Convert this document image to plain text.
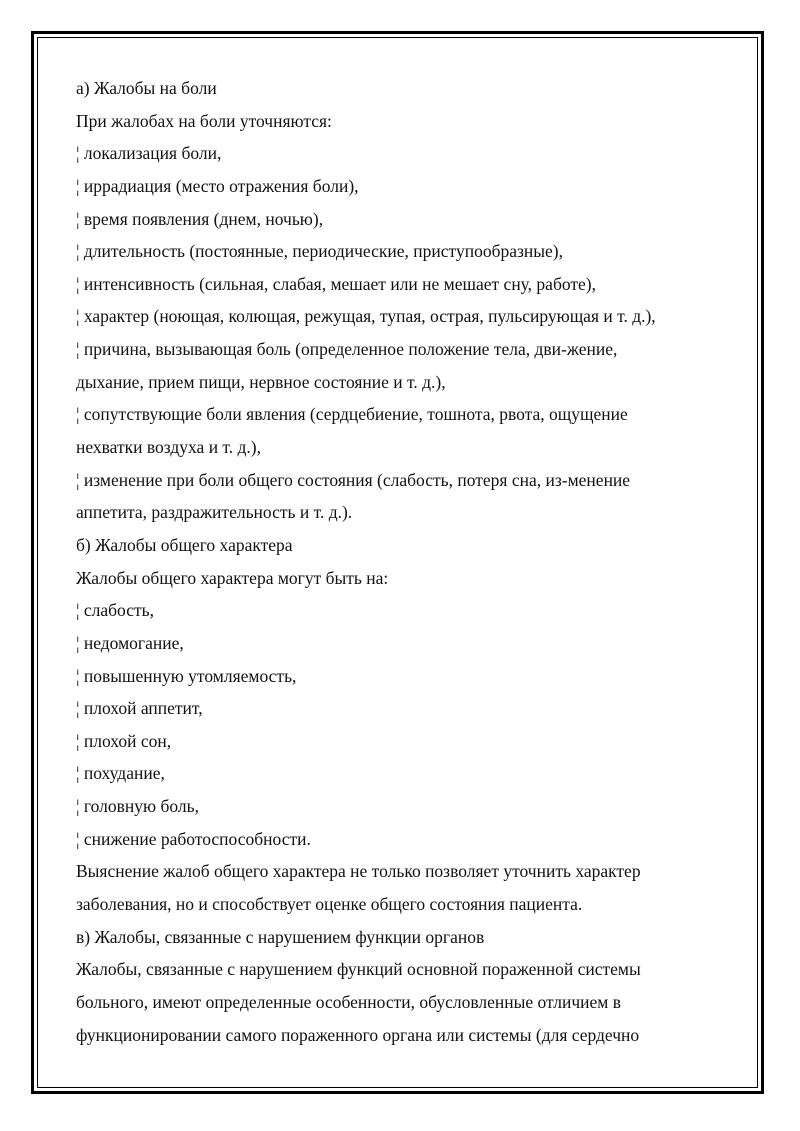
а) Жалобы на боли
При жалобах на боли уточняются:
¦ локализация боли,
¦ иррадиация (место отражения боли),
¦ время появления (днем, ночью),
¦ длительность (постоянные, периодические, приступообразные),
¦ интенсивность (сильная, слабая, мешает или не мешает сну, работе),
¦ характер (ноющая, колющая, режущая, тупая, острая, пульсирующая и т. д.),
¦ причина, вызывающая боль (определенное положение тела, дви-жение,
дыхание, прием пищи, нервное состояние и т. д.),
¦ сопутствующие боли явления (сердцебиение, тошнота, рвота, ощущение
нехватки воздуха и т. д.),
¦ изменение при боли общего состояния (слабость, потеря сна, из-менение
аппетита, раздражительность и т. д.).
б) Жалобы общего характера
Жалобы общего характера могут быть на:
¦ слабость,
¦ недомогание,
¦ повышенную утомляемость,
¦ плохой аппетит,
¦ плохой сон,
¦ похудание,
¦ головную боль,
¦ снижение работоспособности.
Выяснение жалоб общего характера не только позволяет уточнить характер
заболевания, но и способствует оценке общего состояния пациента.
в) Жалобы, связанные с нарушением функции органов
Жалобы, связанные с нарушением функций основной пораженной системы
больного, имеют определенные особенности, обусловленные отличием в
функционировании самого пораженного органа или системы (для сердечно
